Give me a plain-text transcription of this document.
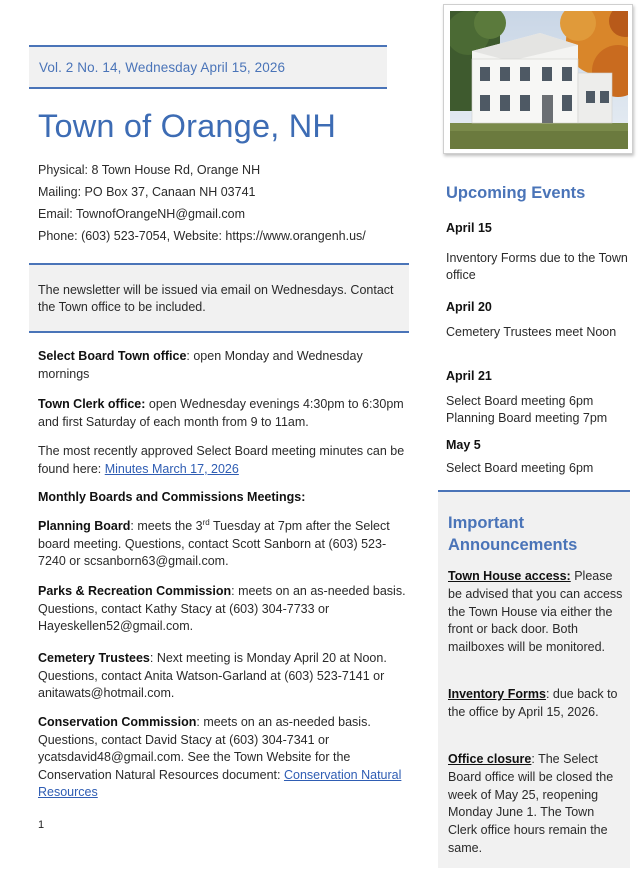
Vol. 2 No. 14, Wednesday April 15, 2026
Town of Orange, NH
Physical: 8 Town House Rd, Orange NH
Mailing: PO Box 37, Canaan NH 03741
Email: TownofOrangeNH@gmail.com
Phone: (603) 523-7054, Website: https://www.orangenh.us/

The newsletter will be issued via email on Wednesdays. Contact the Town office to be included.

Select Board Town office: open Monday and Wednesday mornings

Town Clerk office: open Wednesday evenings 4:30pm to 6:30pm and first Saturday of each month from 9 to 11am.

The most recently approved Select Board meeting minutes can be found here: Minutes March 17, 2026

Monthly Boards and Commissions Meetings:

Planning Board: meets the 3rd Tuesday at 7pm after the Select board meeting. Questions, contact Scott Sanborn at (603) 523-7240 or scsanborn63@gmail.com.

Parks & Recreation Commission: meets on an as-needed basis. Questions, contact Kathy Stacy at (603) 304-7733 or Hayeskellen52@gmail.com.

Cemetery Trustees: Next meeting is Monday April 20 at Noon. Questions, contact Anita Watson-Garland at (603) 523-7141 or anitawats@hotmail.com.

Conservation Commission: meets on an as-needed basis. Questions, contact David Stacy at (603) 304-7341 or ycatsdavid48@gmail.com. See the Town Website for the Conservation Natural Resources document: Conservation Natural Resources

1
Upcoming Events
April 15
Inventory Forms due to the Town office
April 20
Cemetery Trustees meet Noon
April 21
Select Board meeting 6pm Planning Board meeting 7pm
May 5
Select Board meeting 6pm
Important Announcements

Town House access: Please be advised that you can access the Town House via either the front or back door. Both mailboxes will be monitored.

Inventory Forms: due back to the office by April 15, 2026.

Office closure: The Select Board office will be closed the week of May 25, reopening Monday June 1. The Town Clerk office hours remain the same.
